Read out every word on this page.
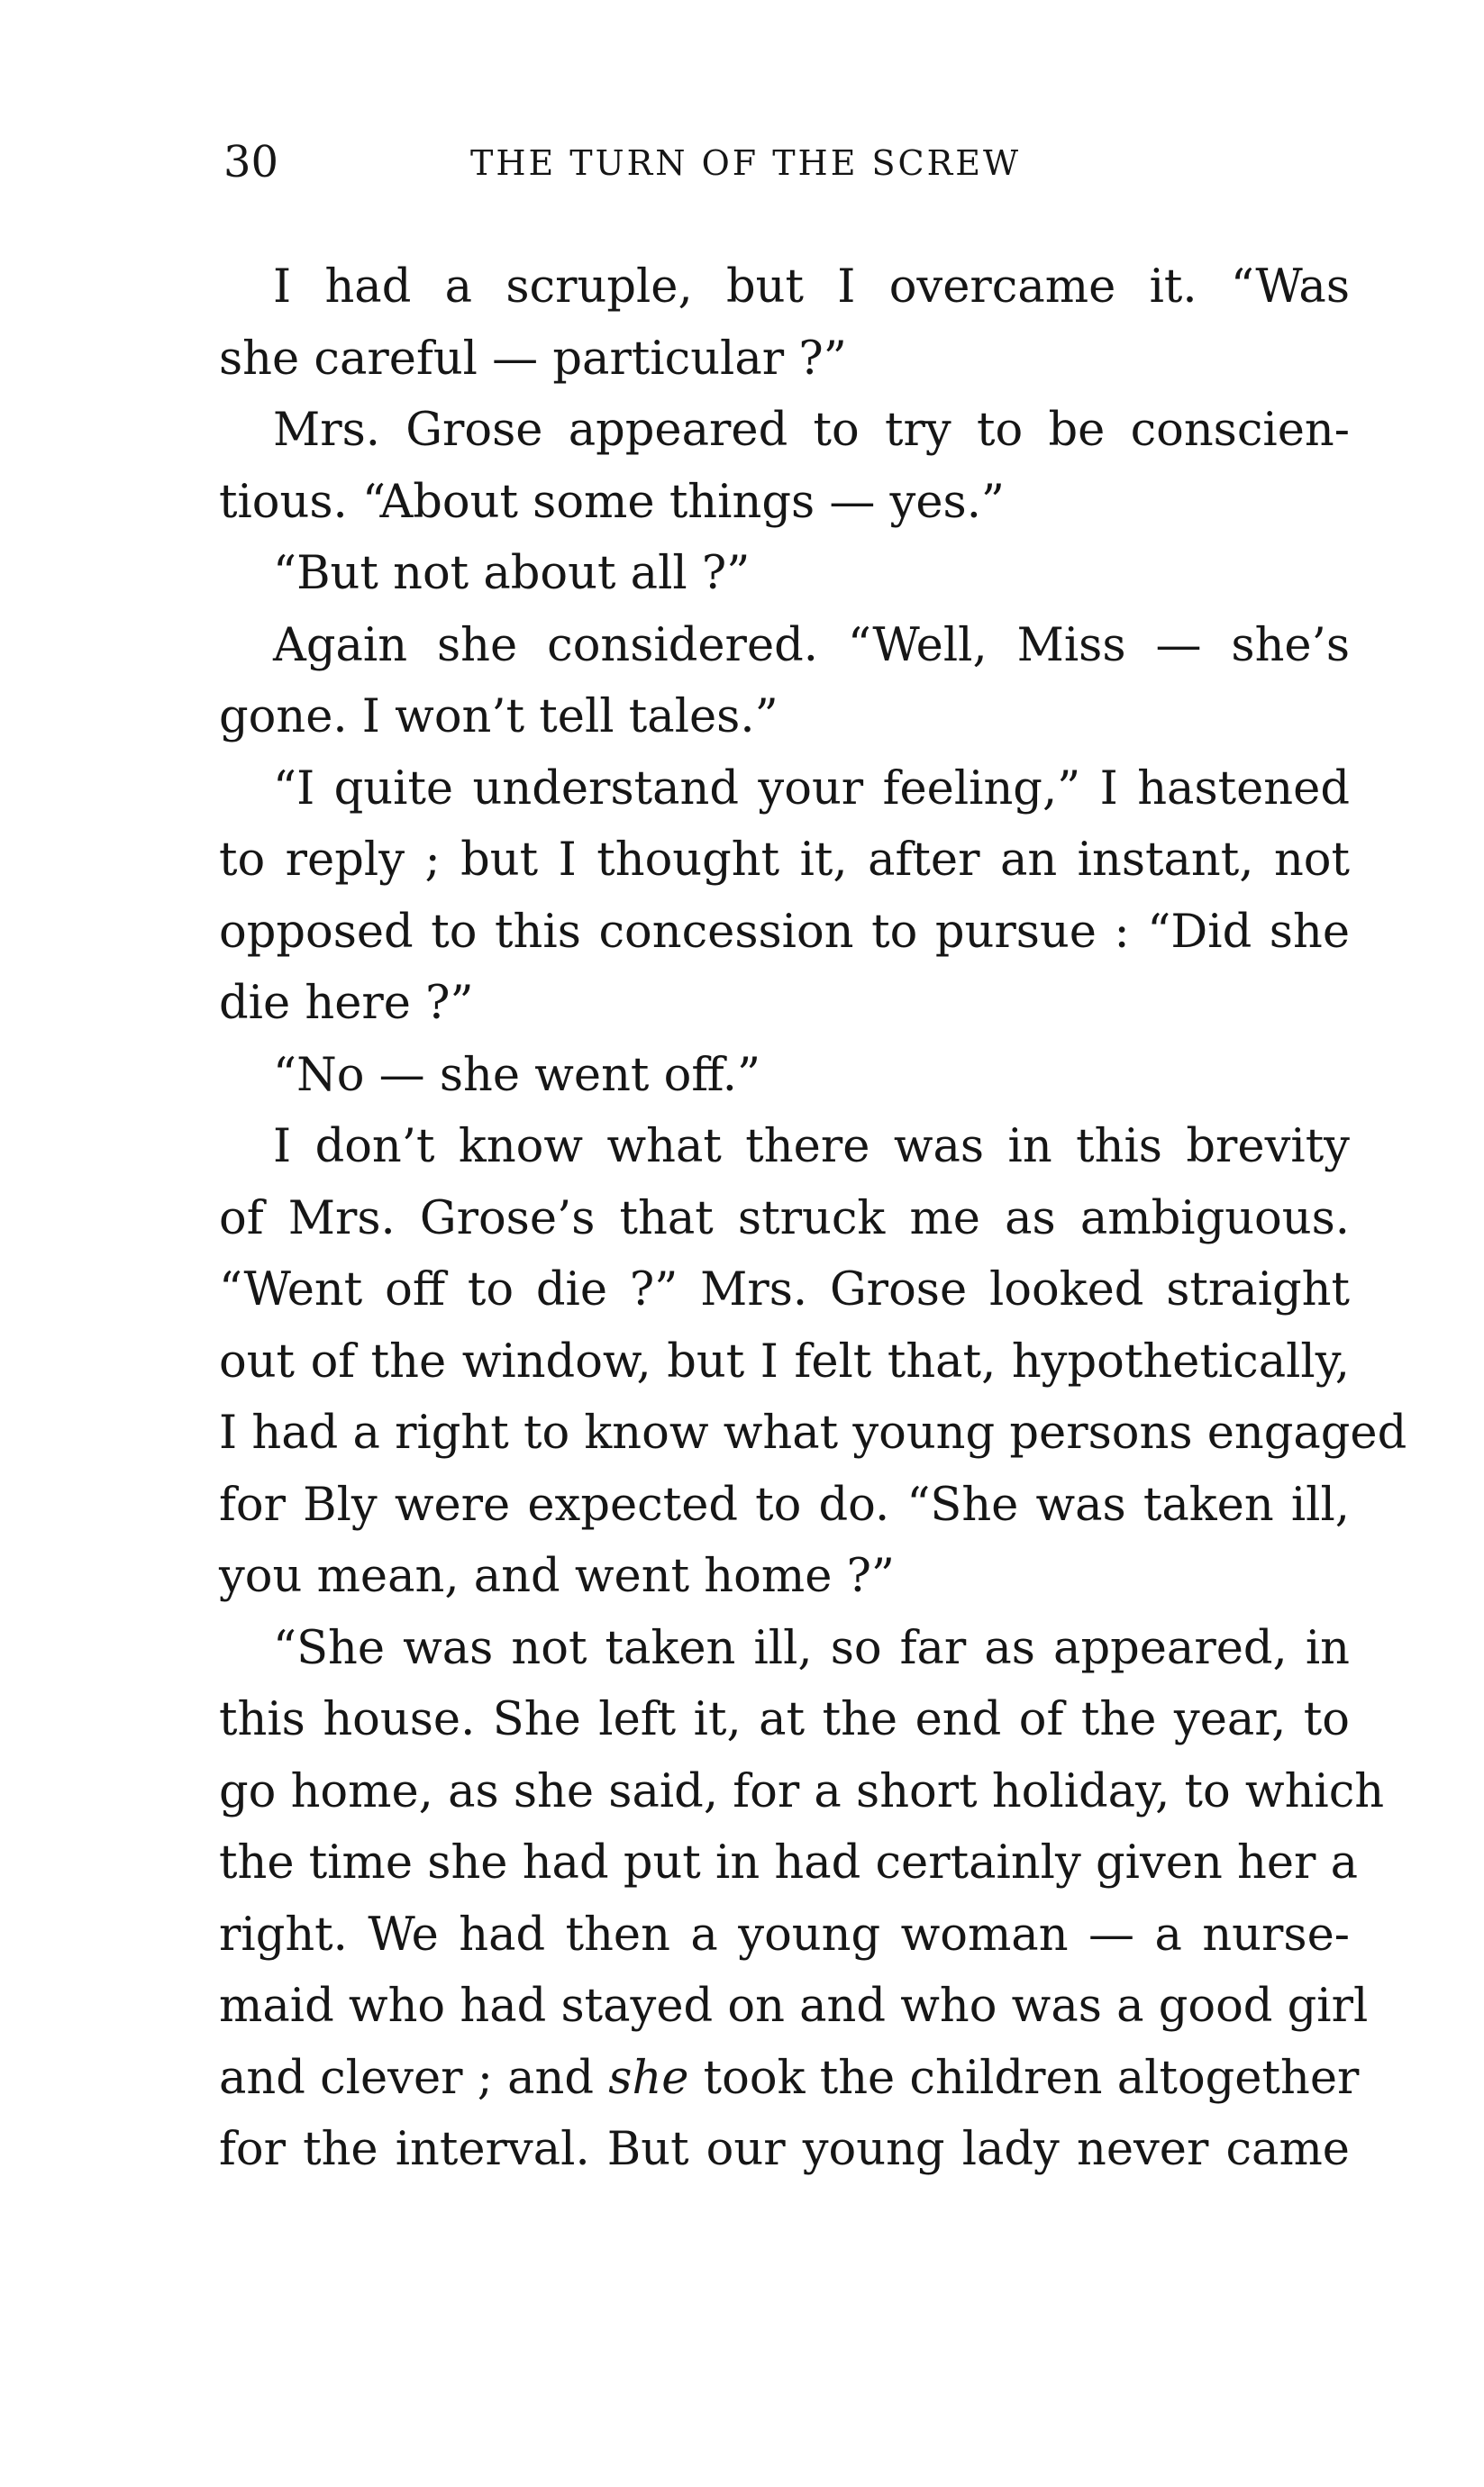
30	THE TURN OF THE SCREW
I had a scruple, but I overcame it. “Was
she careful — particular ?”
Mrs. Grose appeared to try to be conscien-
tious. “About some things — yes.”
“But not about all ?”
Again she considered. “Well, Miss — she’s
gone. I won’t tell tales.”
“I quite understand your feeling,” I hastened
to reply ; but I thought it, after an instant, not
opposed to this concession to pursue : “Did she
die here ?”
“No — she went off.”
I don’t know what there was in this brevity
of Mrs. Grose’s that struck me as ambiguous.
“Went off to die ?” Mrs. Grose looked straight
out of the window, but I felt that, hypothetically,
I had a right to know what young persons engaged
for Bly were expected to do. “She was taken ill,
you mean, and went home ?”
“She was not taken ill, so far as appeared, in
this house. She left it, at the end of the year, to
go home, as she said, for a short holiday, to which
the time she had put in had certainly given her a
right. We had then a young woman — a nurse-
maid who had stayed on and who was a good girl
and clever ; and she took the children altogether
for the interval. But our young lady never came
